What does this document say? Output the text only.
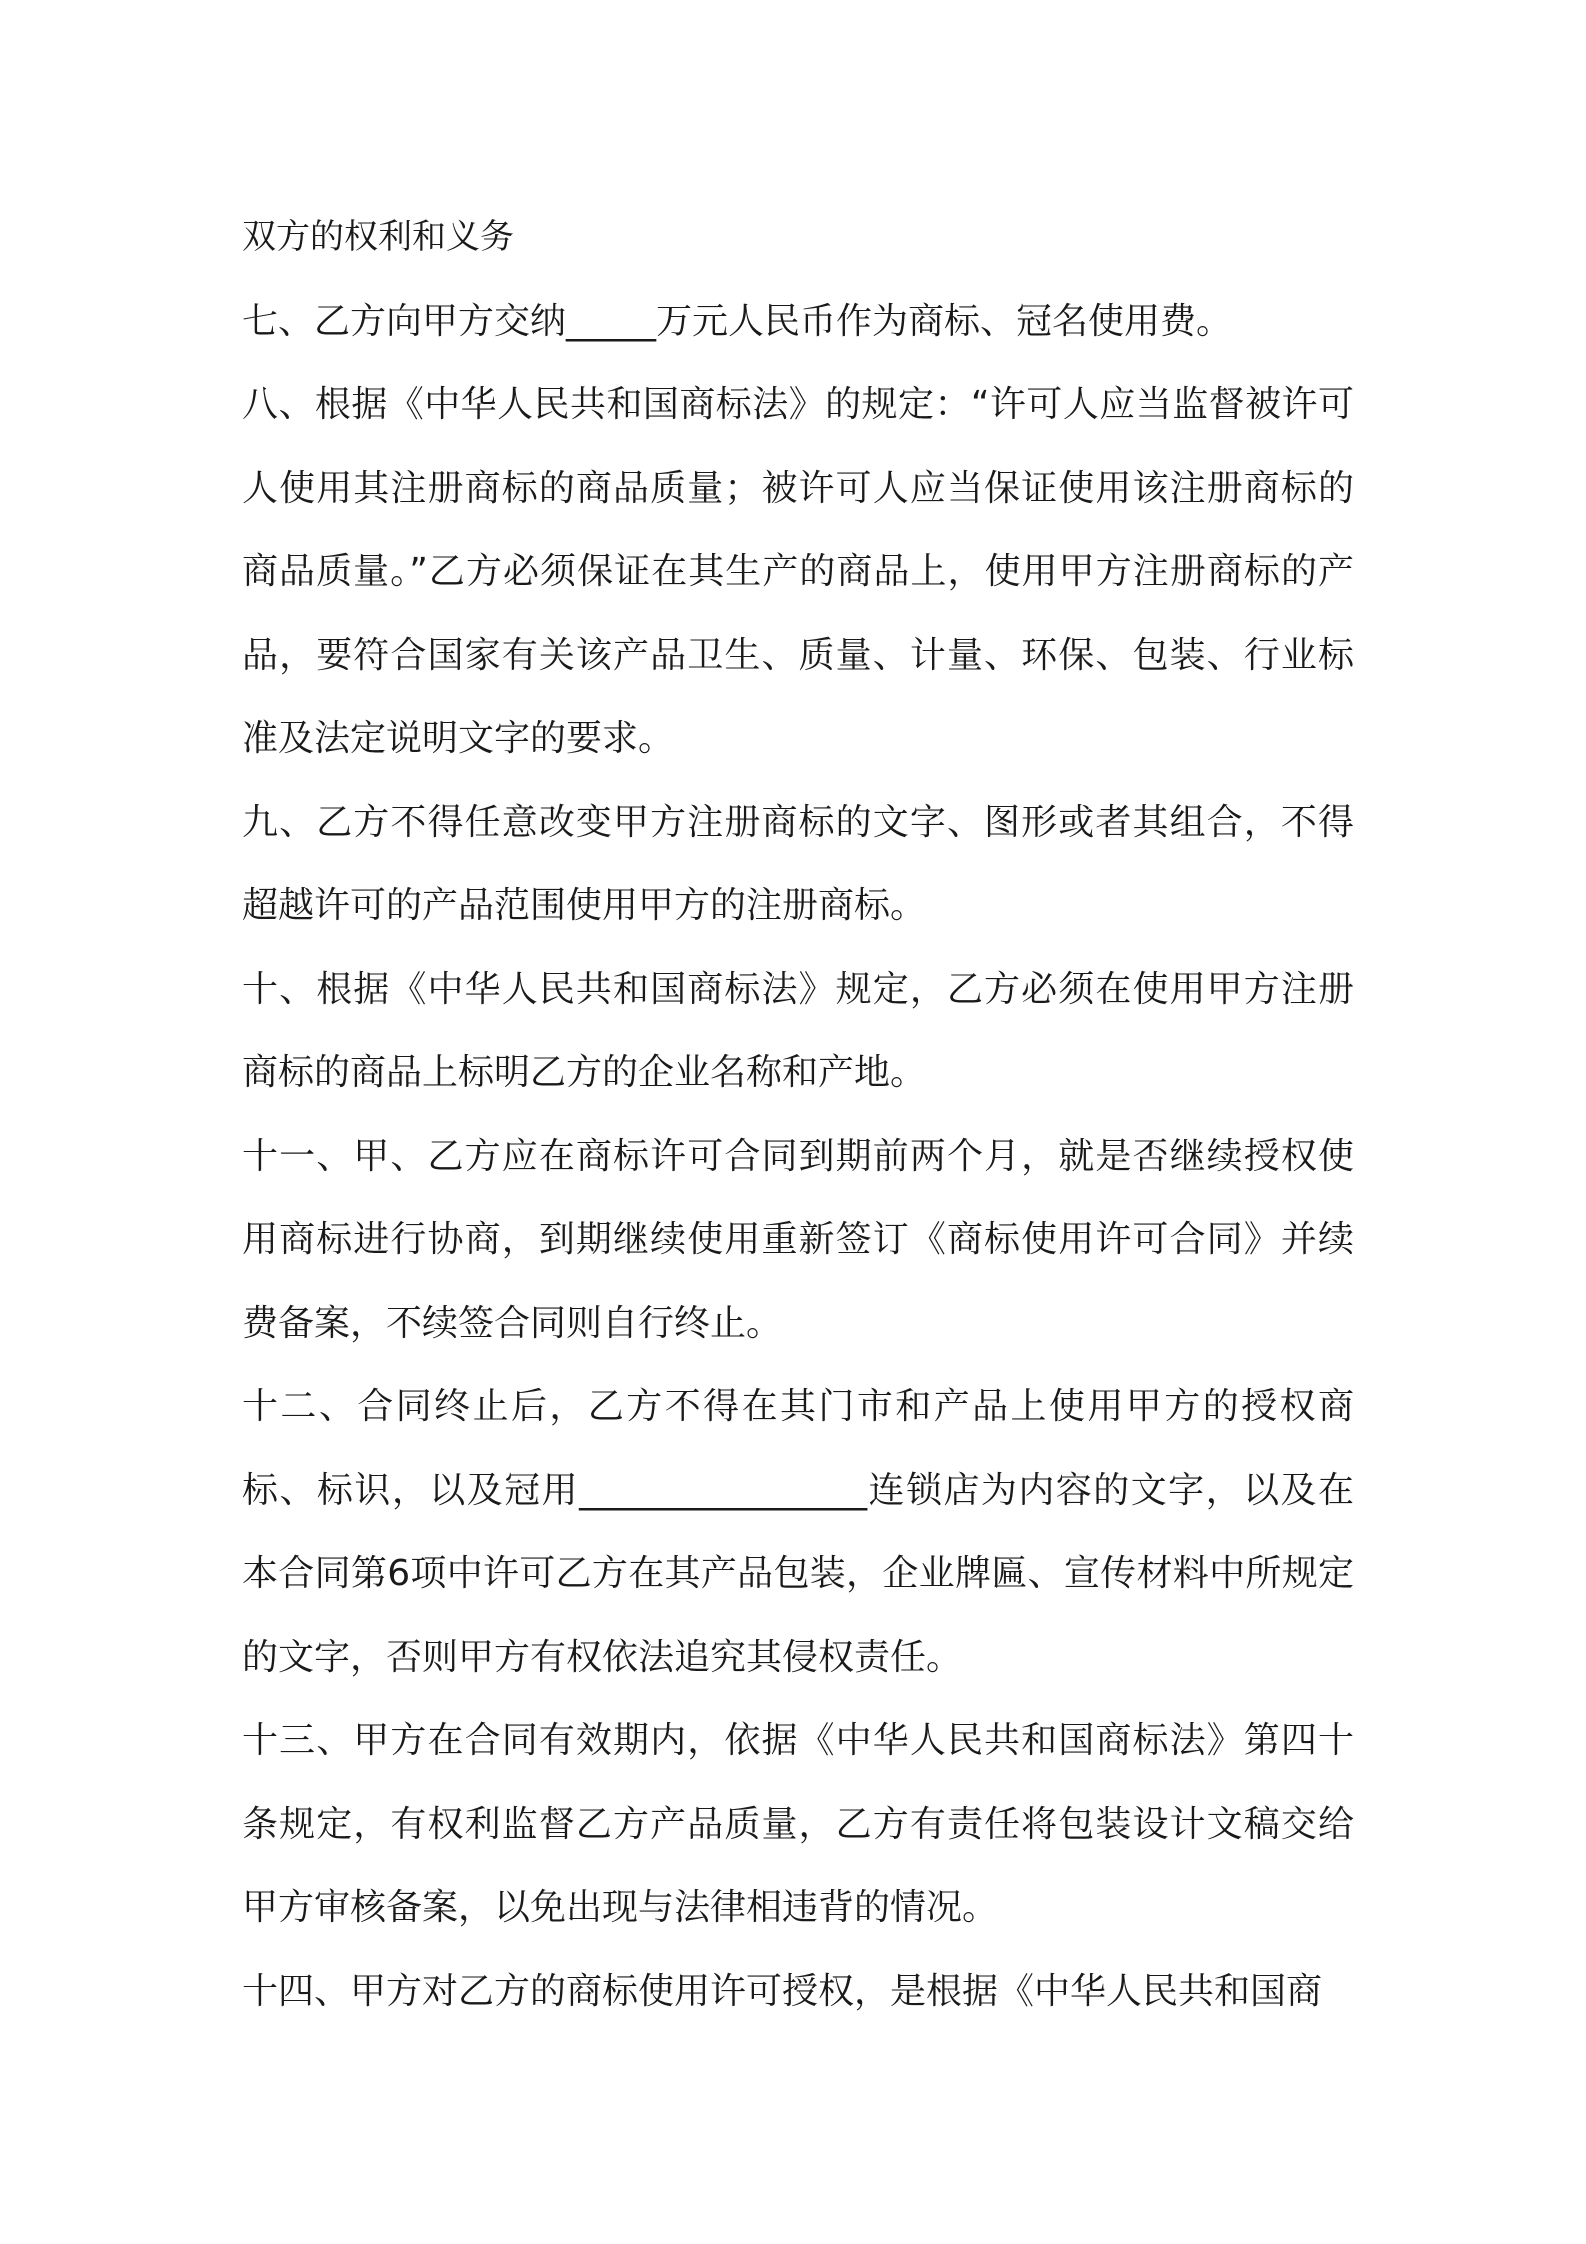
双方的权利和义务

七、乙方向甲方交纳_____万元人民币作为商标、冠名使用费。

八、根据《中华人民共和国商标法》的规定：“许可人应当监督被许可人使用其注册商标的商品质量；被许可人应当保证使用该注册商标的商品质量。”乙方必须保证在其生产的商品上，使用甲方注册商标的产品，要符合国家有关该产品卫生、质量、计量、环保、包装、行业标准及法定说明文字的要求。

九、乙方不得任意改变甲方注册商标的文字、图形或者其组合，不得超越许可的产品范围使用甲方的注册商标。

十、根据《中华人民共和国商标法》规定，乙方必须在使用甲方注册商标的商品上标明乙方的企业名称和产地。

十一、甲、乙方应在商标许可合同到期前两个月，就是否继续授权使用商标进行协商，到期继续使用重新签订《商标使用许可合同》并续费备案，不续签合同则自行终止。

十二、合同终止后，乙方不得在其门市和产品上使用甲方的授权商标、标识，以及冠用________________连锁店为内容的文字，以及在本合同第6项中许可乙方在其产品包装，企业牌匾、宣传材料中所规定的文字，否则甲方有权依法追究其侵权责任。

十三、甲方在合同有效期内，依据《中华人民共和国商标法》第四十条规定，有权利监督乙方产品质量，乙方有责任将包装设计文稿交给甲方审核备案，以免出现与法律相违背的情况。

十四、甲方对乙方的商标使用许可授权，是根据《中华人民共和国商
